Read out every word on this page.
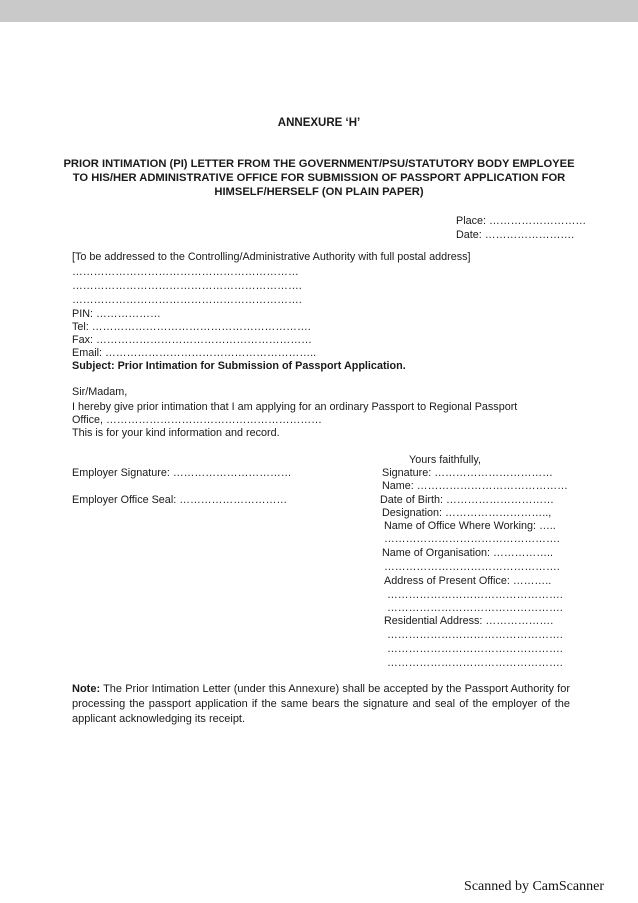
ANNEXURE ‘H’
PRIOR INTIMATION (PI) LETTER FROM THE GOVERNMENT/PSU/STATUTORY BODY EMPLOYEE TO HIS/HER ADMINISTRATIVE OFFICE FOR SUBMISSION OF PASSPORT APPLICATION FOR HIMSELF/HERSELF (ON PLAIN PAPER)
Place: ………………………
Date: …………………….
[To be addressed to the Controlling/Administrative Authority with full postal address]
………………………………………………………
……………………………………………………….
……………………………………………………….
PIN: ………………
Tel: …………………………………………………….
Fax: ……………………………………………………
Email: …………………………………………………..
Subject: Prior Intimation for Submission of Passport Application.
Sir/Madam,
I hereby give prior intimation that I am applying for an ordinary Passport to Regional Passport
Office, ……………………………………………………
This is for your kind information and record.
Yours faithfully,
Employer Signature: ……………………………
Employer Office Seal: …………………………
Signature: ……………………………
Name: ……………………………………
Date of Birth: …………………………
Designation: ………………………..,
Name of Office Where Working: …..
………………………………………….
Name of Organisation: ……………..
………………………………………….
Address of Present Office: ………..
………………………………………….
………………………………………….
Residential Address: ……………….
………………………………………….
………………………………………….
………………………………………….
Note: The Prior Intimation Letter (under this Annexure) shall be accepted by the Passport Authority for processing the passport application if the same bears the signature and seal of the employer of the applicant acknowledging its receipt.
Scanned by CamScanner
